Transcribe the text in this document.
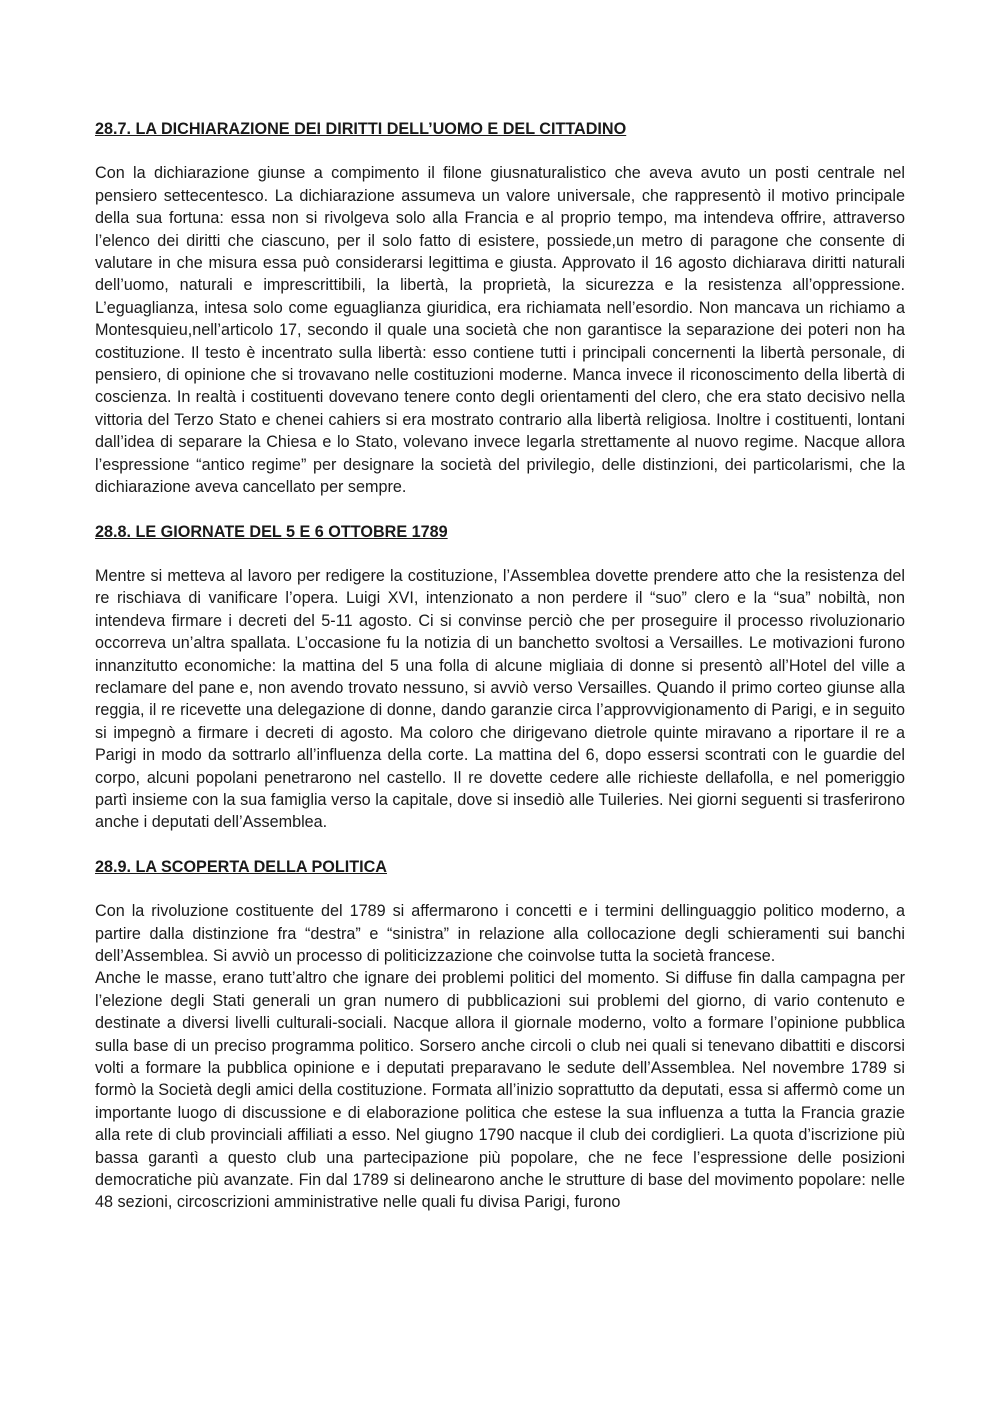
28.7. LA DICHIARAZIONE DEI DIRITTI DELL’UOMO E DEL CITTADINO

Con la dichiarazione giunse a compimento il filone giusnaturalistico che aveva avuto un posti centrale nel pensiero settecentesco. La dichiarazione assumeva un valore universale, che rappresentò il motivo principale della sua fortuna: essa non si rivolgeva solo alla Francia e al proprio tempo, ma intendeva offrire, attraverso l’elenco dei diritti che ciascuno, per il solo fatto di esistere, possiede,un metro di paragone che consente di valutare in che misura essa può considerarsi legittima e giusta. Approvato il 16 agosto dichiarava diritti naturali dell’uomo, naturali e imprescrittibili, la libertà, la proprietà, la sicurezza e la resistenza all’oppressione. L’eguaglianza, intesa solo come eguaglianza giuridica, era richiamata nell’esordio. Non mancava un richiamo a Montesquieu,nell’articolo 17, secondo il quale una società che non garantisce la separazione dei poteri non ha costituzione. Il testo è incentrato sulla libertà: esso contiene tutti i principali concernenti la libertà personale, di pensiero, di opinione che si trovavano nelle costituzioni moderne. Manca invece il riconoscimento della libertà di coscienza. In realtà i costituenti dovevano tenere conto degli orientamenti del clero, che era stato decisivo nella vittoria del Terzo Stato e chenei cahiers si era mostrato contrario alla libertà religiosa. Inoltre i costituenti, lontani dall’idea di separare la Chiesa e lo Stato, volevano invece legarla strettamente al nuovo regime. Nacque allora l’espressione “antico regime” per designare la società del privilegio, delle distinzioni, dei particolarismi, che la dichiarazione aveva cancellato per sempre.

28.8. LE GIORNATE DEL 5 E 6 OTTOBRE 1789

Mentre si metteva al lavoro per redigere la costituzione, l’Assemblea dovette prendere atto che la resistenza del re rischiava di vanificare l’opera. Luigi XVI, intenzionato a non perdere il “suo” clero e la “sua” nobiltà, non intendeva firmare i decreti del 5-11 agosto. Ci si convinse perciò che per proseguire il processo rivoluzionario occorreva un’altra spallata. L’occasione fu la notizia di un banchetto svoltosi a Versailles. Le motivazioni furono innanzitutto economiche: la mattina del 5 una folla di alcune migliaia di donne si presentò all’Hotel del ville a reclamare del pane e, non avendo trovato nessuno, si avviò verso Versailles. Quando il primo corteo giunse alla reggia, il re ricevette una delegazione di donne, dando garanzie circa l’approvvigionamento di Parigi, e in seguito si impegnò a firmare i decreti di agosto. Ma coloro che dirigevano dietrole quinte miravano a riportare il re a Parigi in modo da sottrarlo all’influenza della corte. La mattina del 6, dopo essersi scontrati con le guardie del corpo, alcuni popolani penetrarono nel castello. Il re dovette cedere alle richieste dellafolla, e nel pomeriggio partì insieme con la sua famiglia verso la capitale, dove si insediò alle Tuileries. Nei giorni seguenti si trasferirono anche i deputati dell’Assemblea.

28.9. LA SCOPERTA DELLA POLITICA

Con la rivoluzione costituente del 1789 si affermarono i concetti e i termini dellinguaggio politico moderno, a partire dalla distinzione fra “destra” e “sinistra” in relazione alla collocazione degli schieramenti sui banchi dell’Assemblea. Si avviò un processo di politicizzazione che coinvolse tutta la società francese.

Anche le masse, erano tutt’altro che ignare dei problemi politici del momento. Si diffuse fin dalla campagna per l’elezione degli Stati generali un gran numero di pubblicazioni sui problemi del giorno, di vario contenuto e destinate a diversi livelli culturali-sociali. Nacque allora il giornale moderno, volto a formare l’opinione pubblica sulla base di un preciso programma politico. Sorsero anche circoli o club nei quali si tenevano dibattiti e discorsi volti a formare la pubblica opinione e i deputati preparavano le sedute dell’Assemblea. Nel novembre 1789 si formò la Società degli amici della costituzione. Formata all’inizio soprattutto da deputati, essa si affermò come un importante luogo di discussione e di elaborazione politica che estese la sua influenza a tutta la Francia grazie alla rete di club provinciali affiliati a esso. Nel giugno 1790 nacque il club dei cordiglieri. La quota d’iscrizione più bassa garantì a questo club una partecipazione più popolare, che ne fece l’espressione delle posizioni democratiche più avanzate. Fin dal 1789 si delinearono anche le strutture di base del movimento popolare: nelle 48 sezioni, circoscrizioni amministrative nelle quali fu divisa Parigi, furono
